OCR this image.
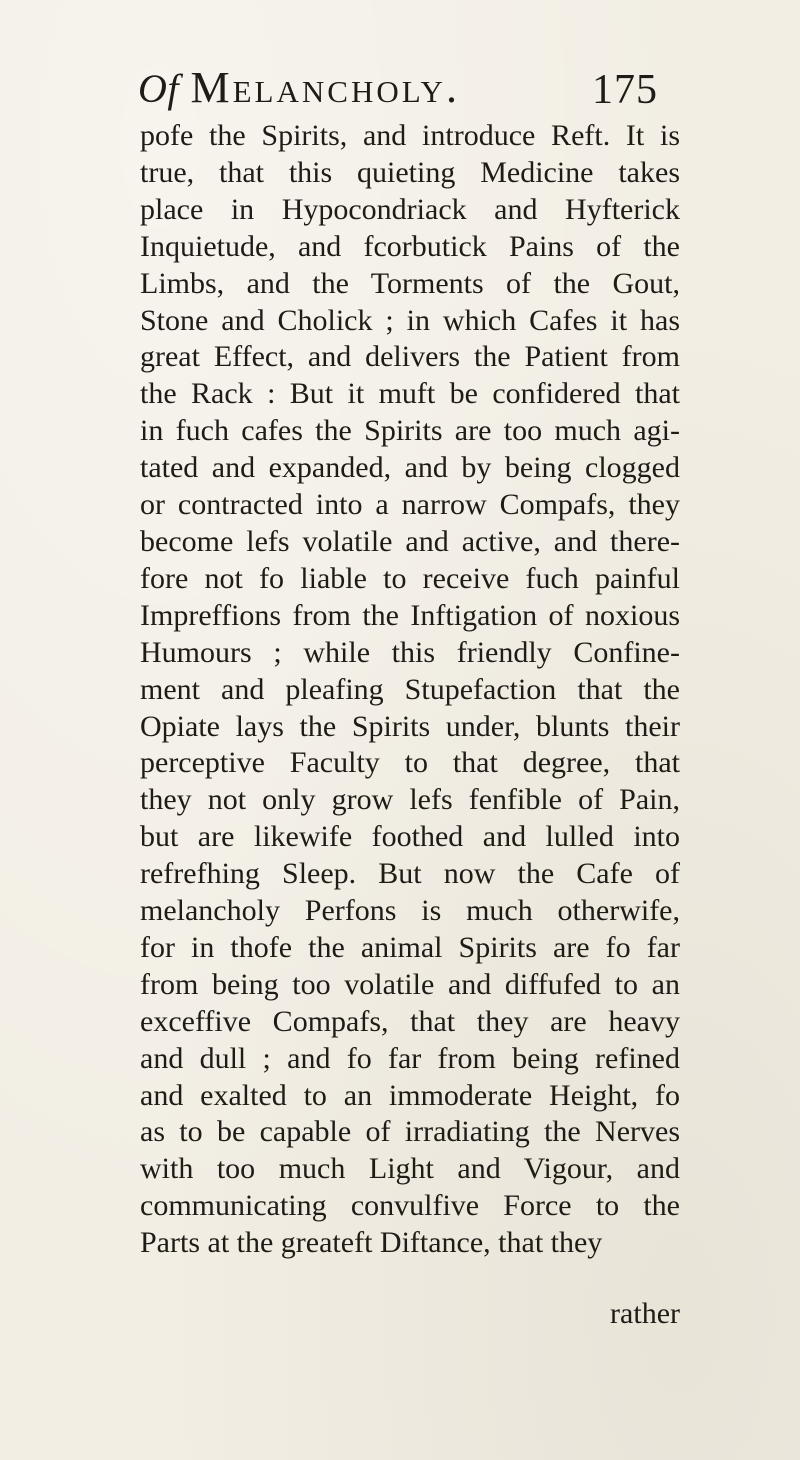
Of Melancholy.	175
pofe the Spirits, and introduce Reft. It is
true, that this quieting Medicine takes
place in Hypocondriack and Hyfterick
Inquietude, and fcorbutick Pains of the
Limbs, and the Torments of the Gout,
Stone and Cholick ; in which Cafes it has
great Effect, and delivers the Patient from
the Rack : But it muft be confidered that
in fuch cafes the Spirits are too much agi-
tated and expanded, and by being clogged
or contracted into a narrow Compafs, they
become lefs volatile and active, and there-
fore not fo liable to receive fuch painful
Impreffions from the Inftigation of noxious
Humours ; while this friendly Confine-
ment and pleafing Stupefaction that the
Opiate lays the Spirits under, blunts their
perceptive Faculty to that degree, that
they not only grow lefs fenfible of Pain,
but are likewife foothed and lulled into
refrefhing Sleep. But now the Cafe of
melancholy Perfons is much otherwife,
for in thofe the animal Spirits are fo far
from being too volatile and diffufed to an
exceffive Compafs, that they are heavy
and dull ; and fo far from being refined
and exalted to an immoderate Height, fo
as to be capable of irradiating the Nerves
with too much Light and Vigour, and
communicating convulfive Force to the
Parts at the greateft Diftance, that they
rather
